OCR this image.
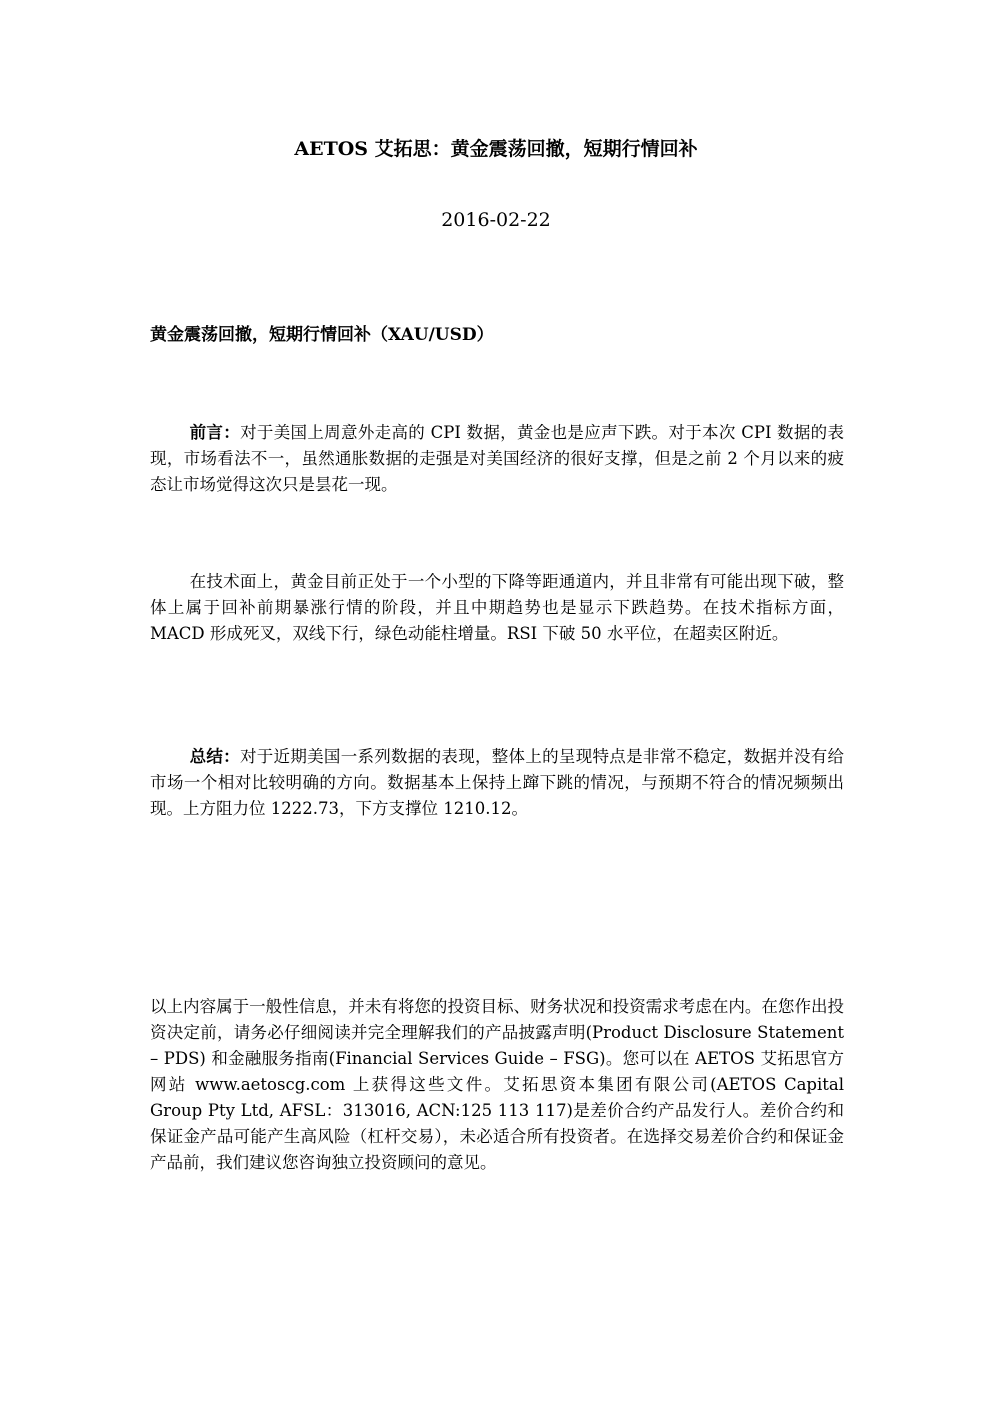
AETOS 艾拓思：黄金震荡回撤，短期行情回补
2016-02-22
黄金震荡回撤，短期行情回补（XAU/USD）

前言：对于美国上周意外走高的 CPI 数据，黄金也是应声下跌。对于本次 CPI 数据的表现，市场看法不一，虽然通胀数据的走强是对美国经济的很好支撑，但是之前 2 个月以来的疲态让市场觉得这次只是昙花一现。

在技术面上，黄金目前正处于一个小型的下降等距通道内，并且非常有可能出现下破，整体上属于回补前期暴涨行情的阶段，并且中期趋势也是显示下跌趋势。在技术指标方面，MACD 形成死叉，双线下行，绿色动能柱增量。RSI 下破 50 水平位，在超卖区附近。

总结：对于近期美国一系列数据的表现，整体上的呈现特点是非常不稳定，数据并没有给市场一个相对比较明确的方向。数据基本上保持上蹿下跳的情况，与预期不符合的情况频频出现。上方阻力位 1222.73，下方支撑位 1210.12。

以上内容属于一般性信息，并未有将您的投资目标、财务状况和投资需求考虑在内。在您作出投资决定前，请务必仔细阅读并完全理解我们的产品披露声明(Product Disclosure Statement – PDS) 和金融服务指南(Financial Services Guide – FSG)。您可以在 AETOS 艾拓思官方网站 www.aetoscg.com 上获得这些文件。艾拓思资本集团有限公司(AETOS Capital Group Pty Ltd, AFSL：313016, ACN:125 113 117)是差价合约产品发行人。差价合约和保证金产品可能产生高风险（杠杆交易），未必适合所有投资者。在选择交易差价合约和保证金产品前，我们建议您咨询独立投资顾问的意见。
